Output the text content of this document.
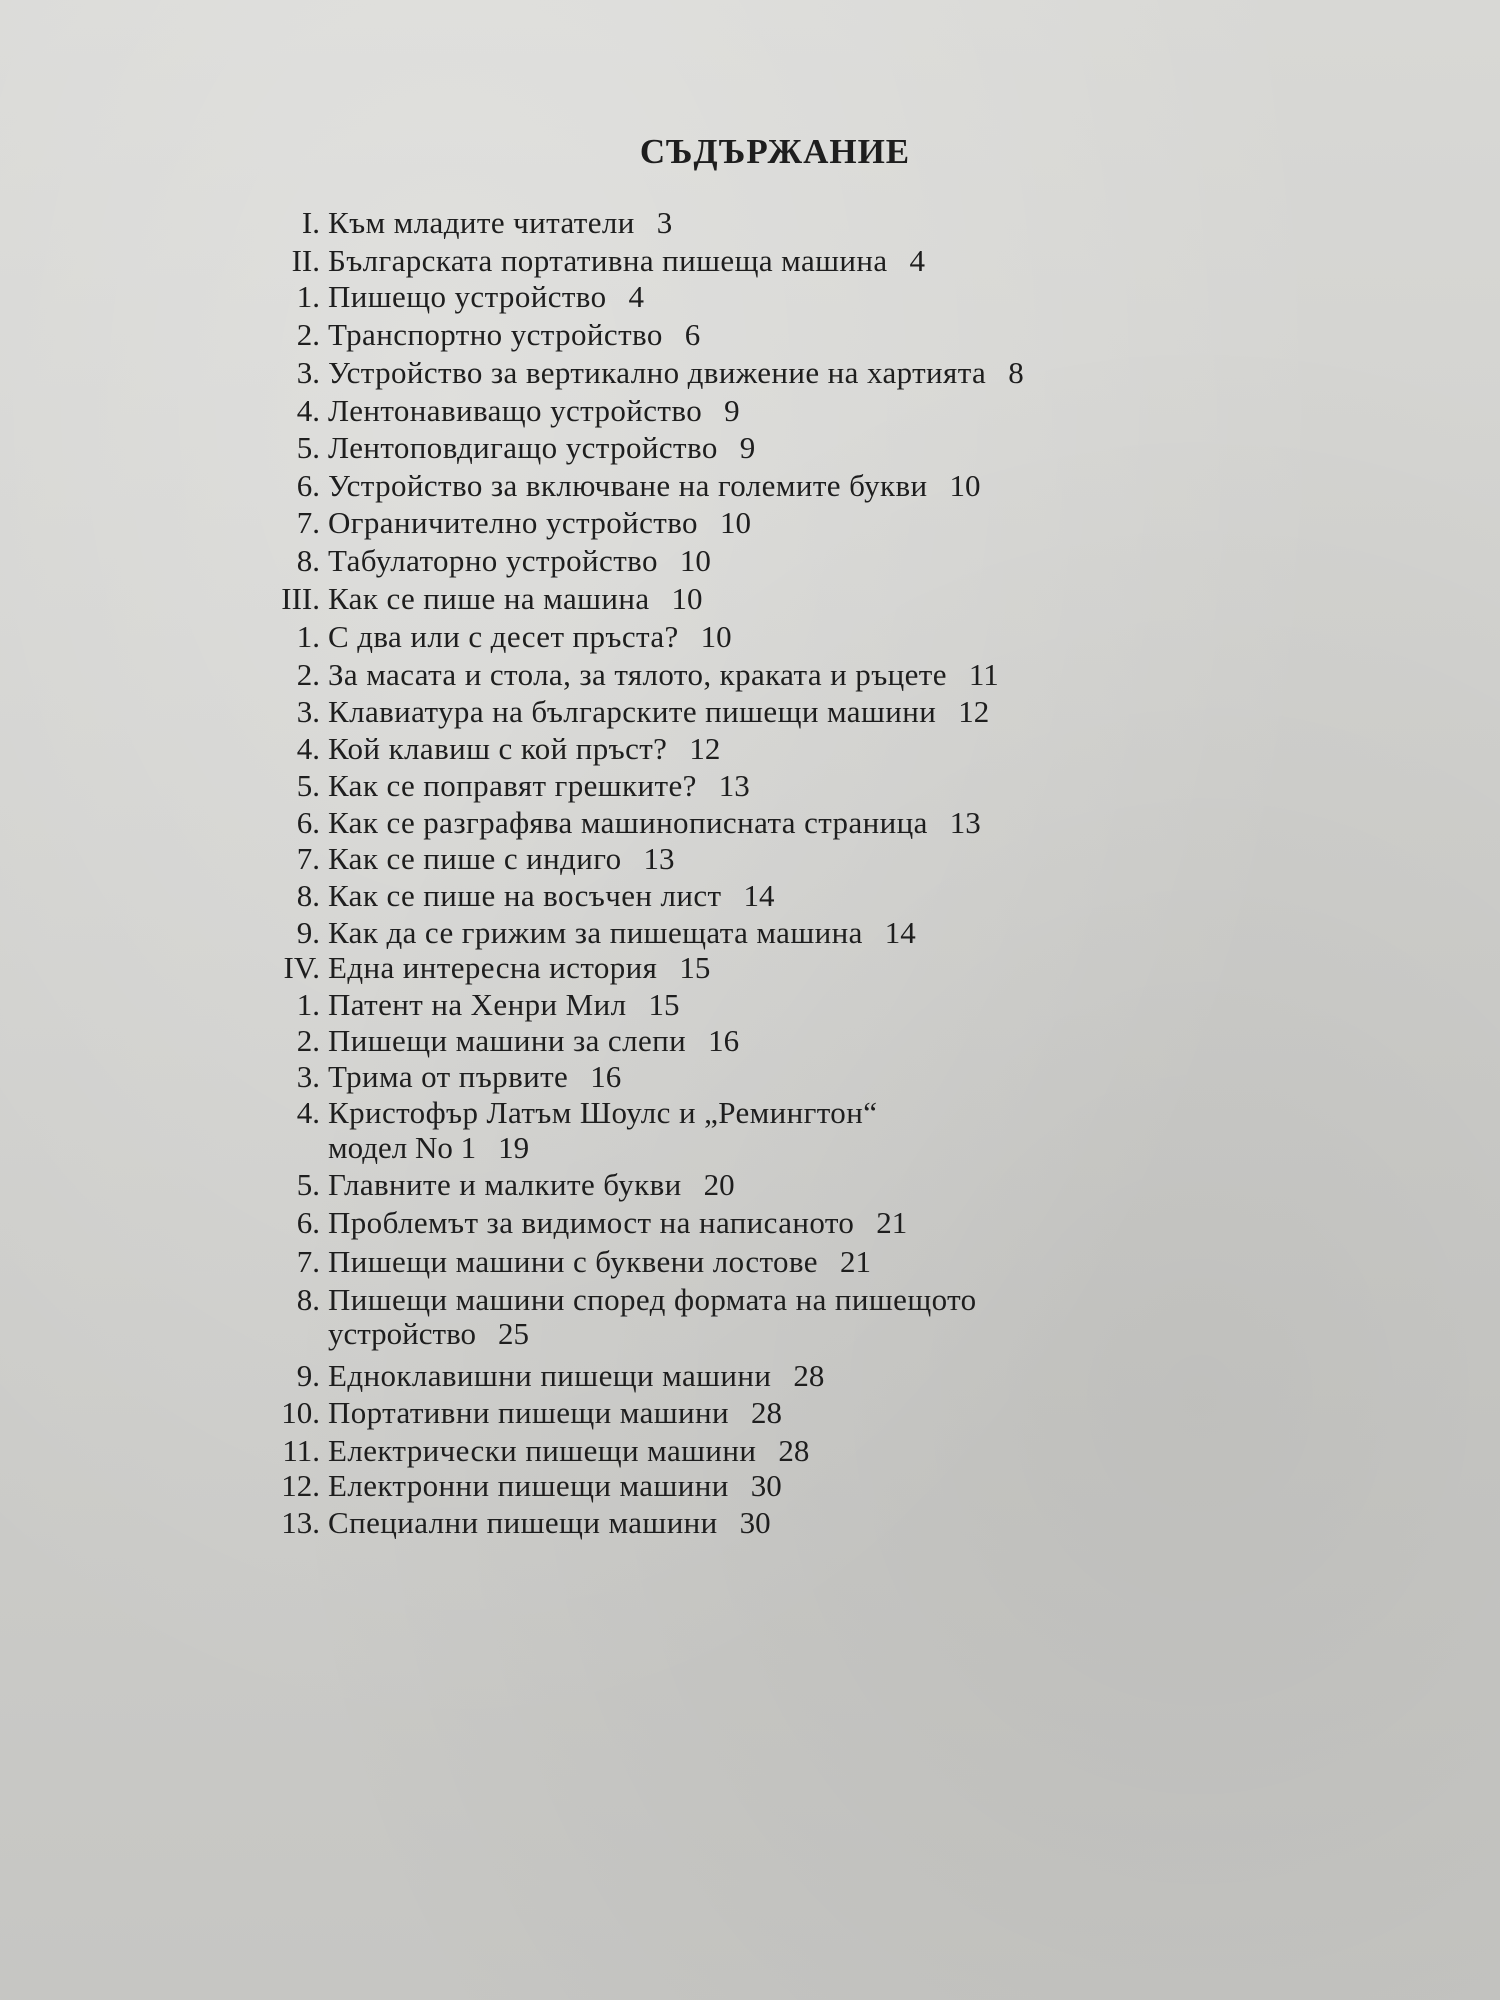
СЪДЪРЖАНИЕ
I. Към младите читатели 3
II. Българската портативна пишеща машина 4
1. Пишещо устройство 4
2. Транспортно устройство 6
3. Устройство за вертикално движение на хартията 8
4. Лентонавиващо устройство 9
5. Лентоповдигащо устройство 9
6. Устройство за включване на големите букви 10
7. Ограничително устройство 10
8. Табулаторно устройство 10
III. Как се пише на машина 10
1. С два или с десет пръста? 10
2. За масата и стола, за тялото, краката и ръцете 11
3. Клавиатура на българските пишещи машини 12
4. Кой клавиш с кой пръст? 12
5. Как се поправят грешките? 13
6. Как се разграфява машинописната страница 13
7. Как се пише с индиго 13
8. Как се пише на восъчен лист 14
9. Как да се грижим за пишещата машина 14
IV. Една интересна история 15
1. Патент на Хенри Мил 15
2. Пишещи машини за слепи 16
3. Трима от първите 16
4. Кристофър Латъм Шоулс и „Ремингтон“
модел No 1 19
5. Главните и малките букви 20
6. Проблемът за видимост на написаното 21
7. Пишещи машини с буквени лостове 21
8. Пишещи машини според формата на пишещото
устройство 25
9. Едноклавишни пишещи машини 28
10. Портативни пишещи машини 28
11. Електрически пишещи машини 28
12. Електронни пишещи машини 30
13. Специални пишещи машини 30
